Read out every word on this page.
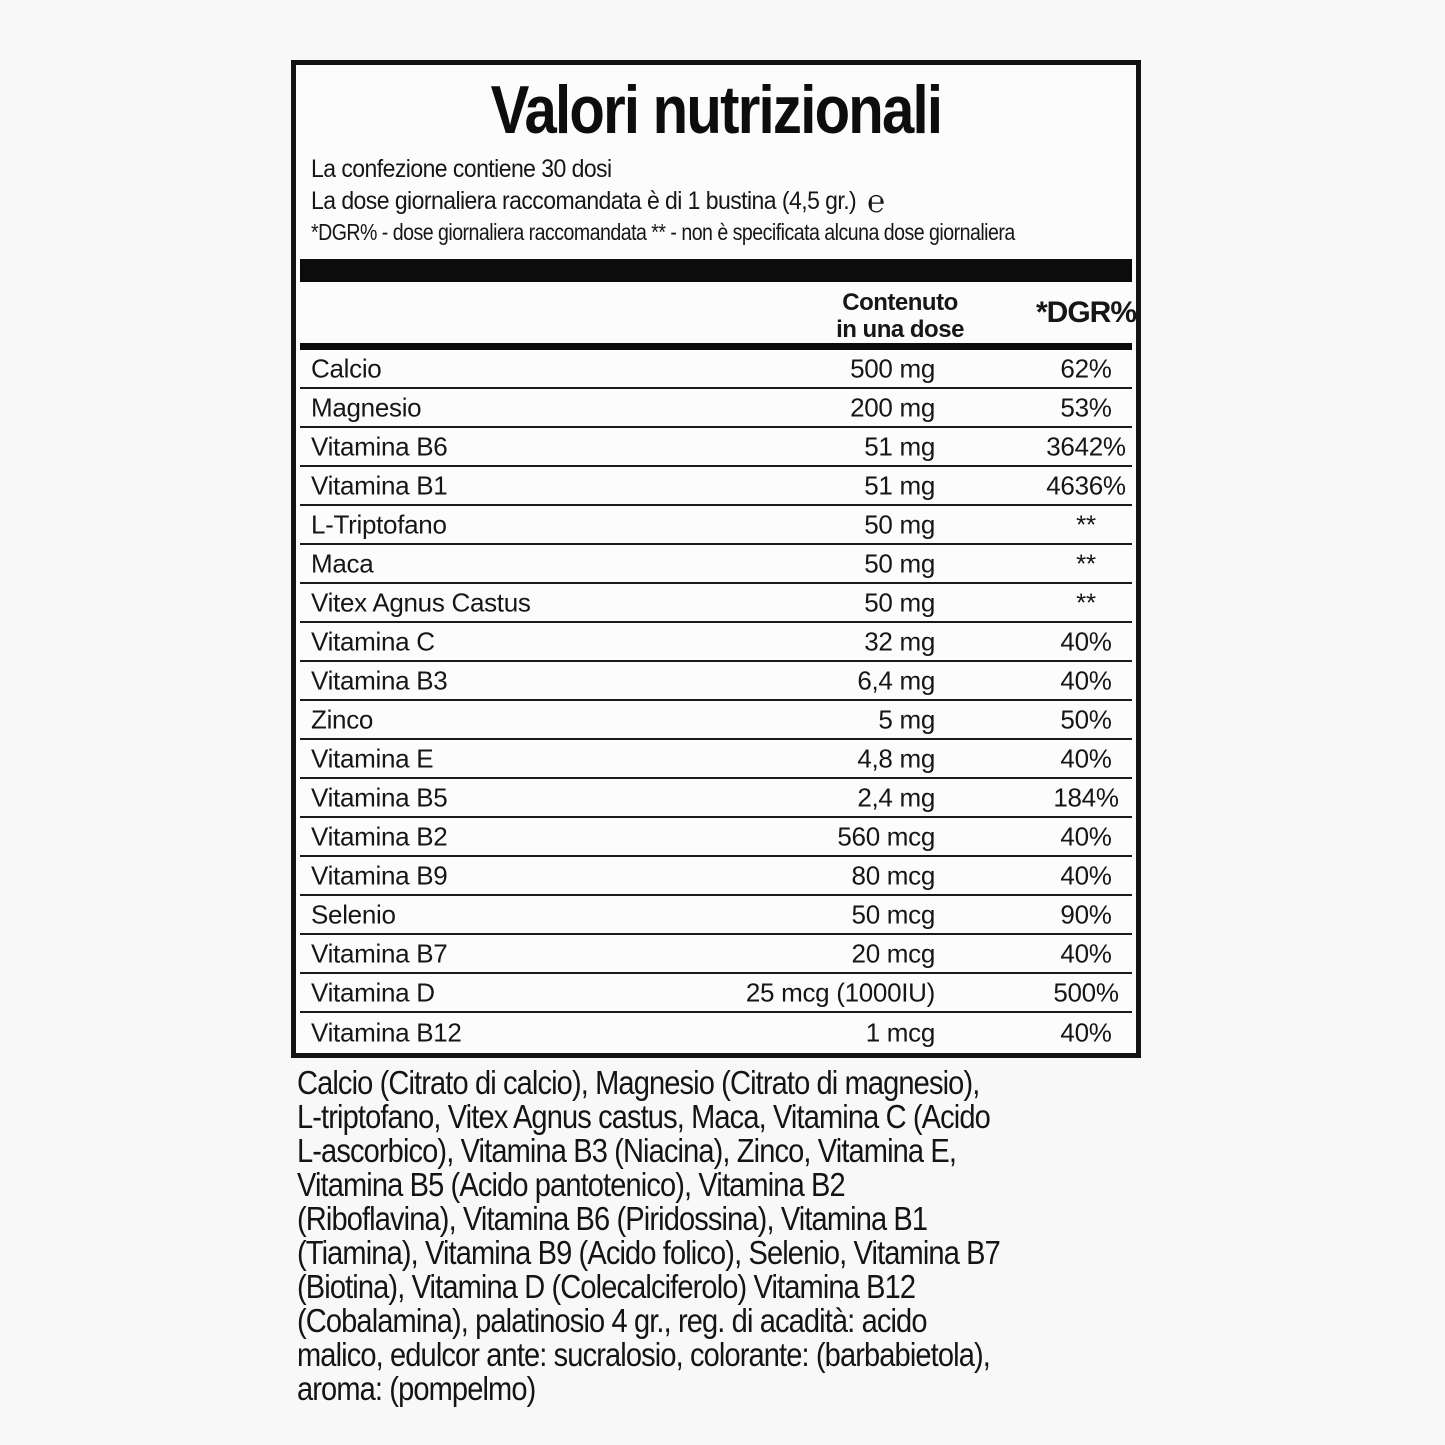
Valori nutrizionali
La confezione contiene 30 dosi
La dose giornaliera raccomandata è di 1 bustina (4,5 gr.) ℮
*DGR% - dose giornaliera raccomandata ** - non è specificata alcuna dose giornaliera
Contenuto
in una dose
*DGR%
Calcio	500 mg	62%
Magnesio	200 mg	53%
Vitamina B6	51 mg	3642%
Vitamina B1	51 mg	4636%
L-Triptofano	50 mg	**
Maca	50 mg	**
Vitex Agnus Castus	50 mg	**
Vitamina C	32 mg	40%
Vitamina B3	6,4 mg	40%
Zinco	5 mg	50%
Vitamina E	4,8 mg	40%
Vitamina B5	2,4 mg	184%
Vitamina B2	560 mcg	40%
Vitamina B9	80 mcg	40%
Selenio	50 mcg	90%
Vitamina B7	20 mcg	40%
Vitamina D	25 mcg (1000IU)	500%
Vitamina B12	1 mcg	40%
Calcio (Citrato di calcio), Magnesio (Citrato di magnesio),
L-triptofano, Vitex Agnus castus, Maca, Vitamina C (Acido
L-ascorbico), Vitamina B3 (Niacina), Zinco, Vitamina E,
Vitamina B5 (Acido pantotenico), Vitamina B2
(Riboflavina), Vitamina B6 (Piridossina), Vitamina B1
(Tiamina), Vitamina B9 (Acido folico), Selenio, Vitamina B7
(Biotina), Vitamina D (Colecalciferolo) Vitamina B12
(Cobalamina), palatinosio 4 gr., reg. di acadità: acido
malico, edulcor ante: sucralosio, colorante: (barbabietola),
aroma: (pompelmo)
